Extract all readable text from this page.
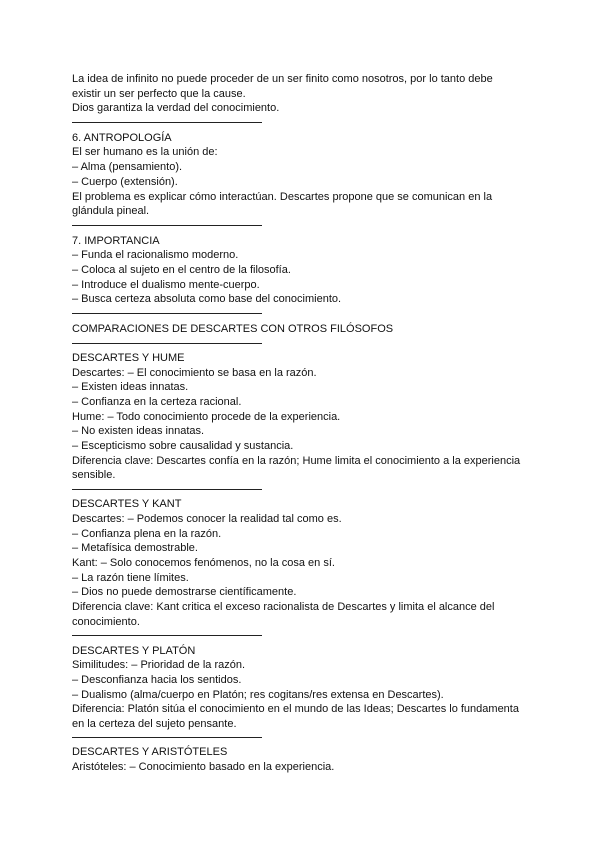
La idea de infinito no puede proceder de un ser finito como nosotros, por lo tanto debe
existir un ser perfecto que la cause.
Dios garantiza la verdad del conocimiento.
6. ANTROPOLOGÍA
El ser humano es la unión de:
– Alma (pensamiento).
– Cuerpo (extensión).
El problema es explicar cómo interactúan. Descartes propone que se comunican en la
glándula pineal.
7. IMPORTANCIA
– Funda el racionalismo moderno.
– Coloca al sujeto en el centro de la filosofía.
– Introduce el dualismo mente-cuerpo.
– Busca certeza absoluta como base del conocimiento.
COMPARACIONES DE DESCARTES CON OTROS FILÓSOFOS
DESCARTES Y HUME
Descartes: – El conocimiento se basa en la razón.
– Existen ideas innatas.
– Confianza en la certeza racional.
Hume: – Todo conocimiento procede de la experiencia.
– No existen ideas innatas.
– Escepticismo sobre causalidad y sustancia.
Diferencia clave: Descartes confía en la razón; Hume limita el conocimiento a la experiencia
sensible.
DESCARTES Y KANT
Descartes: – Podemos conocer la realidad tal como es.
– Confianza plena en la razón.
– Metafísica demostrable.
Kant: – Solo conocemos fenómenos, no la cosa en sí.
– La razón tiene límites.
– Dios no puede demostrarse científicamente.
Diferencia clave: Kant critica el exceso racionalista de Descartes y limita el alcance del
conocimiento.
DESCARTES Y PLATÓN
Similitudes: – Prioridad de la razón.
– Desconfianza hacia los sentidos.
– Dualismo (alma/cuerpo en Platón; res cogitans/res extensa en Descartes).
Diferencia: Platón sitúa el conocimiento en el mundo de las Ideas; Descartes lo fundamenta
en la certeza del sujeto pensante.
DESCARTES Y ARISTÓTELES
Aristóteles: – Conocimiento basado en la experiencia.
